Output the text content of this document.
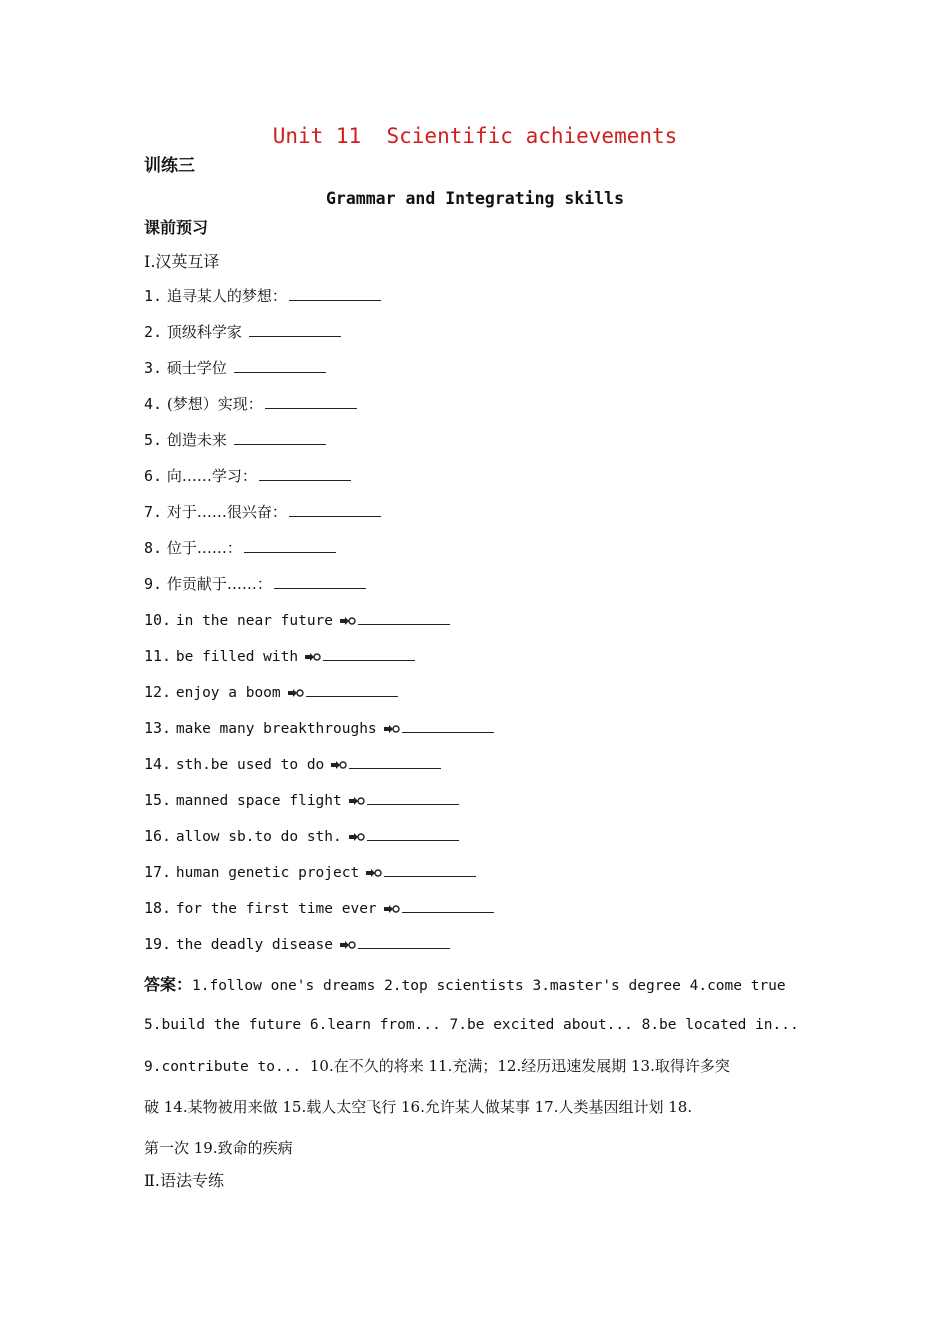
Unit 11  Scientific achievements
训练三
Grammar and Integrating skills
课前预习
Ⅰ.汉英互译
1. 追寻某人的梦想：
2. 顶级科学家
3. 硕士学位
4. (梦想）实现：
5. 创造未来
6. 向……学习：
7. 对于……很兴奋：
8. 位于……：
9. 作贡献于……：
10. in the near future
11. be filled with
12. enjoy a boom
13. make many breakthroughs
14. sth.be used to do
15. manned space flight
16. allow sb.to do sth.
17. human genetic project
18. for the first time ever
19. the deadly disease
答案：1.follow one's dreams 2.top scientists 3.master's degree 4.come true
5.build the future 6.learn from... 7.be excited about... 8.be located in...
9.contribute to... 10.在不久的将来 11.充满；12.经历迅速发展期 13.取得许多突
破 14.某物被用来做 15.载人太空飞行 16.允许某人做某事 17.人类基因组计划 18.
第一次 19.致命的疾病
Ⅱ.语法专练
